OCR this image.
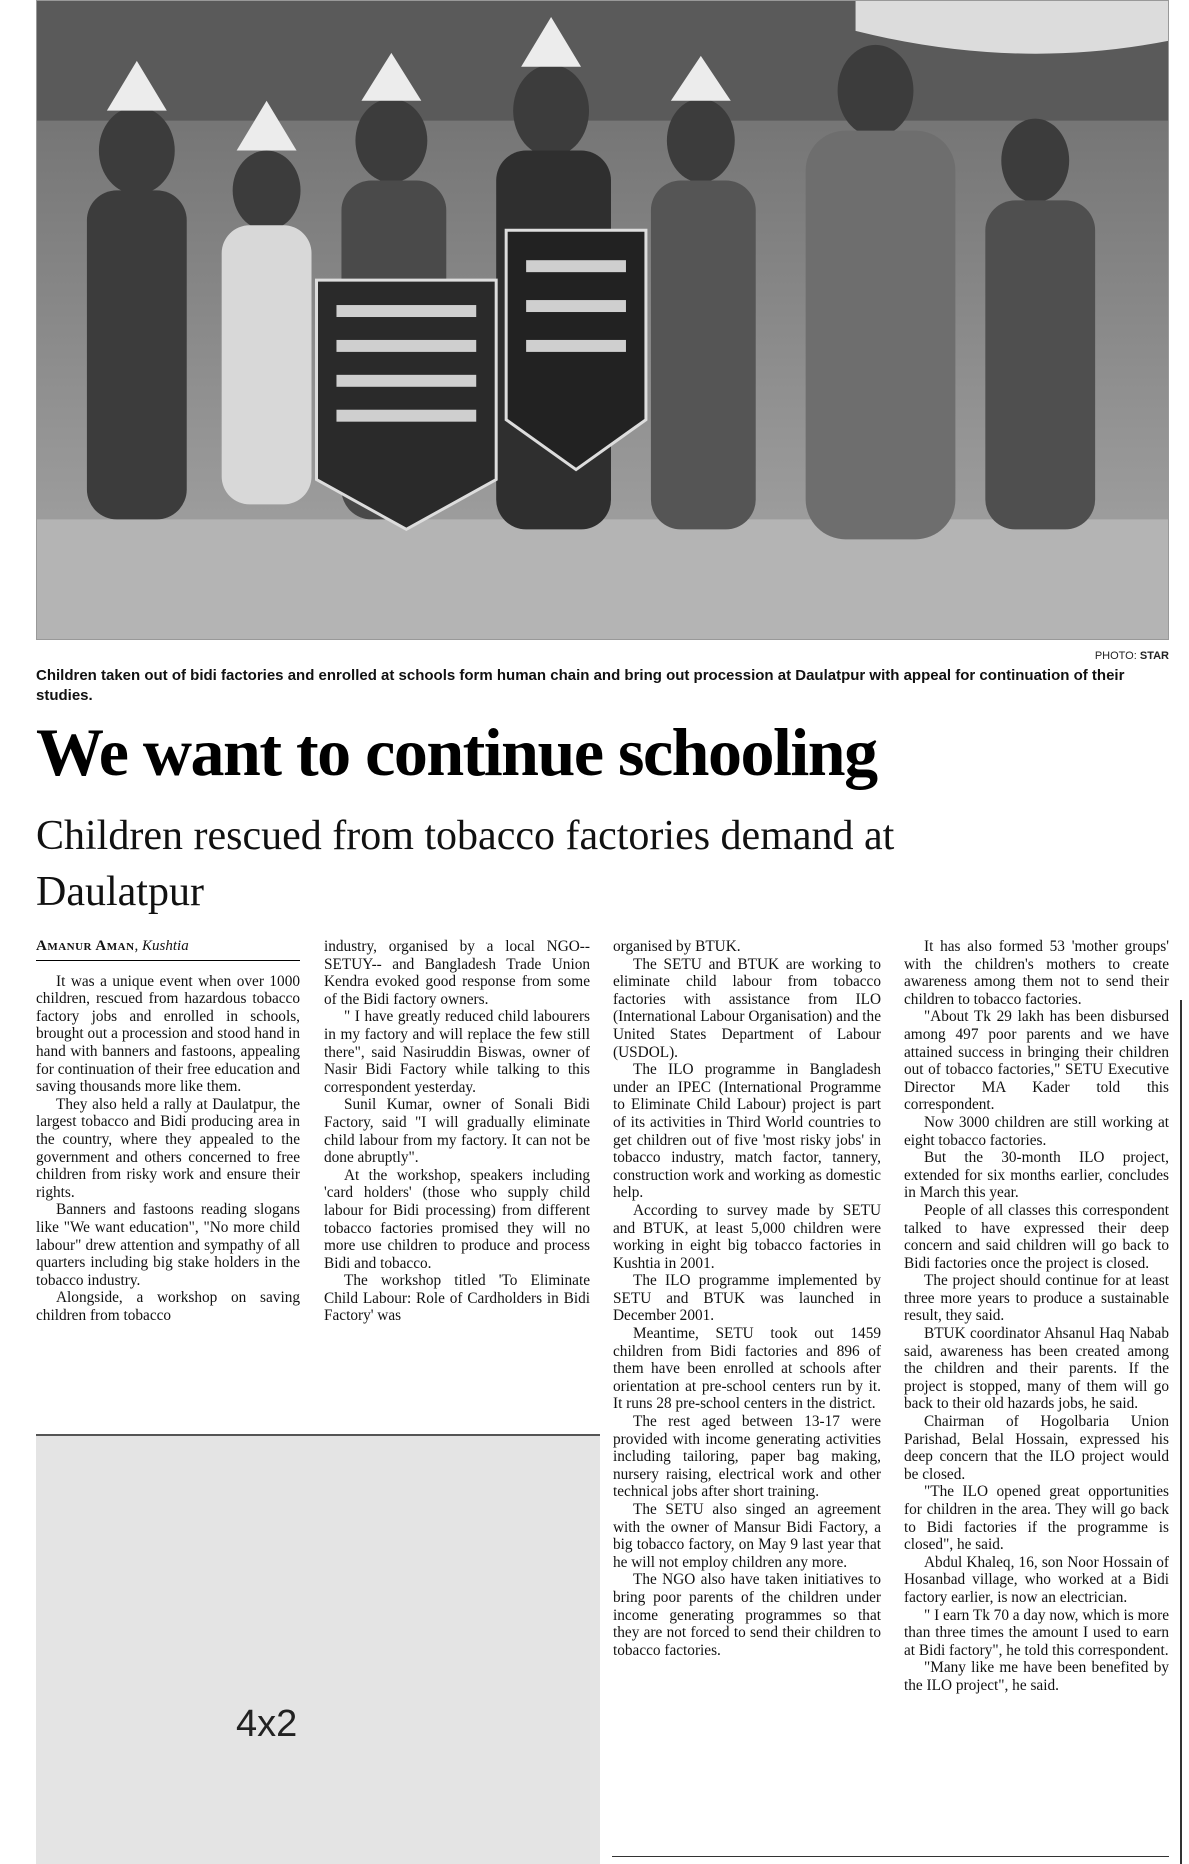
PHOTO: STAR
Children taken out of bidi factories and enrolled at schools form human chain and bring out procession at Daulatpur with appeal for continuation of their studies.
We want to continue schooling
Children rescued from tobacco factories demand at Daulatpur
Amanur Aman, Kushtia

It was a unique event when over 1000 children, rescued from hazardous tobacco factory jobs and enrolled in schools, brought out a procession and stood hand in hand with banners and fastoons, appealing for continuation of their free education and saving thousands more like them.

They also held a rally at Daulatpur, the largest tobacco and Bidi producing area in the country, where they appealed to the government and others concerned to free children from risky work and ensure their rights.

Banners and fastoons reading slogans like "We want education", "No more child labour" drew attention and sympathy of all quarters including big stake holders in the tobacco industry.

Alongside, a workshop on saving children from tobacco

industry, organised by a local NGO-- SETUY-- and Bangladesh Trade Union Kendra evoked good response from some of the Bidi factory owners.

" I have greatly reduced child labourers in my factory and will replace the few still there", said Nasiruddin Biswas, owner of Nasir Bidi Factory while talking to this correspondent yesterday.

Sunil Kumar, owner of Sonali Bidi Factory, said "I will gradually eliminate child labour from my factory. It can not be done abruptly".

At the workshop, speakers including 'card holders' (those who supply child labour for Bidi processing) from different tobacco factories promised they will no more use children to produce and process Bidi and tobacco.

The workshop titled 'To Eliminate Child Labour: Role of Cardholders in Bidi Factory' was

organised by BTUK.

The SETU and BTUK are working to eliminate child labour from tobacco factories with assistance from ILO (International Labour Organisation) and the United States Department of Labour (USDOL).

The ILO programme in Bangladesh under an IPEC (International Programme to Eliminate Child Labour) project is part of its activities in Third World countries to get children out of five 'most risky jobs' in tobacco industry, match factor, tannery, construction work and working as domestic help.

According to survey made by SETU and BTUK, at least 5,000 children were working in eight big tobacco factories in Kushtia in 2001.

The ILO programme implemented by SETU and BTUK was launched in December 2001.

Meantime, SETU took out 1459 children from Bidi factories and 896 of them have been enrolled at schools after orientation at pre-school centers run by it. It runs 28 pre-school centers in the district.

The rest aged between 13-17 were provided with income generating activities including tailoring, paper bag making, nursery raising, electrical work and other technical jobs after short training.

The SETU also singed an agreement with the owner of Mansur Bidi Factory, a big tobacco factory, on May 9 last year that he will not employ children any more.

The NGO also have taken initiatives to bring poor parents of the children under income generating programmes so that they are not forced to send their children to tobacco factories.

It has also formed 53 'mother groups' with the children's mothers to create awareness among them not to send their children to tobacco factories.

"About Tk 29 lakh has been disbursed among 497 poor parents and we have attained success in bringing their children out of tobacco factories," SETU Executive Director MA Kader told this correspondent.

Now 3000 children are still working at eight tobacco factories.

But the 30-month ILO project, extended for six months earlier, concludes in March this year.

People of all classes this correspondent talked to have expressed their deep concern and said children will go back to Bidi factories once the project is closed.

The project should continue for at least three more years to produce a sustainable result, they said.

BTUK coordinator Ahsanul Haq Nabab said, awareness has been created among the children and their parents. If the project is stopped, many of them will go back to their old hazards jobs, he said.

Chairman of Hogolbaria Union Parishad, Belal Hossain, expressed his deep concern that the ILO project would be closed.

"The ILO opened great opportunities for children in the area. They will go back to Bidi factories if the programme is closed", he said.

Abdul Khaleq, 16, son Noor Hossain of Hosanbad village, who worked at a Bidi factory earlier, is now an electrician.

" I earn Tk 70 a day now, which is more than three times the amount I used to earn at Bidi factory", he told this correspondent.

"Many like me have been benefited by the ILO project", he said.

4x2
